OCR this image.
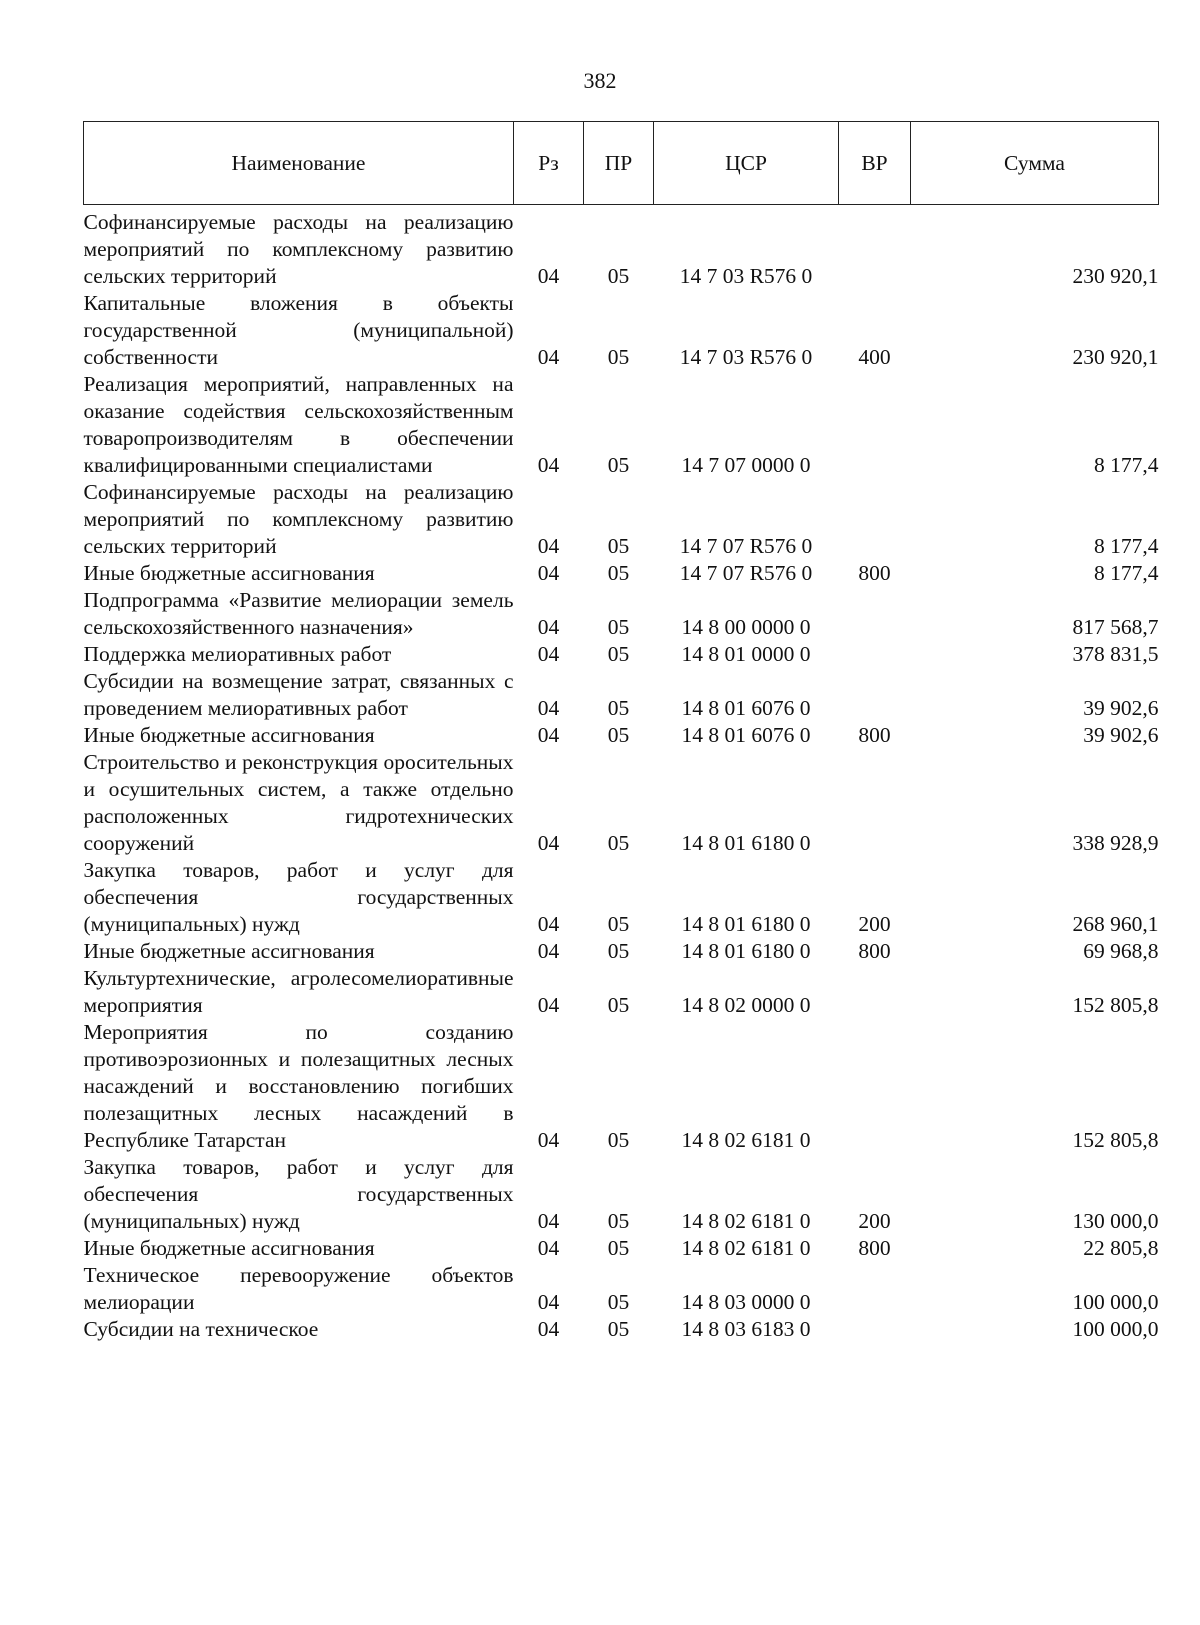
382
Наименование	Рз	ПР	ЦСР	ВР	Сумма
Софинансируемые расходы на реализацию мероприятий по комплексному развитию сельских территорий	04	05	14 7 03 R576 0		230 920,1
Капитальные вложения в объекты государственной (муниципальной) собственности	04	05	14 7 03 R576 0	400	230 920,1
Реализация мероприятий, направленных на оказание содействия сельскохозяйственным товаропроизводителям в обеспечении квалифицированными специалистами	04	05	14 7 07 0000 0		8 177,4
Софинансируемые расходы на реализацию мероприятий по комплексному развитию сельских территорий	04	05	14 7 07 R576 0		8 177,4
Иные бюджетные ассигнования	04	05	14 7 07 R576 0	800	8 177,4
Подпрограмма «Развитие мелиорации земель сельскохозяйственного назначения»	04	05	14 8 00 0000 0		817 568,7
Поддержка мелиоративных работ	04	05	14 8 01 0000 0		378 831,5
Субсидии на возмещение затрат, связанных с проведением мелиоративных работ	04	05	14 8 01 6076 0		39 902,6
Иные бюджетные ассигнования	04	05	14 8 01 6076 0	800	39 902,6
Строительство и реконструкция оросительных и осушительных систем, а также отдельно расположенных гидротехнических сооружений	04	05	14 8 01 6180 0		338 928,9
Закупка товаров, работ и услуг для обеспечения государственных (муниципальных) нужд	04	05	14 8 01 6180 0	200	268 960,1
Иные бюджетные ассигнования	04	05	14 8 01 6180 0	800	69 968,8
Культуртехнические, агролесомелиоративные мероприятия	04	05	14 8 02 0000 0		152 805,8
Мероприятия по созданию противоэрозионных и полезащитных лесных насаждений и восстановлению погибших полезащитных лесных насаждений в Республике Татарстан	04	05	14 8 02 6181 0		152 805,8
Закупка товаров, работ и услуг для обеспечения государственных (муниципальных) нужд	04	05	14 8 02 6181 0	200	130 000,0
Иные бюджетные ассигнования	04	05	14 8 02 6181 0	800	22 805,8
Техническое перевооружение объектов мелиорации	04	05	14 8 03 0000 0		100 000,0
Субсидии на техническое	04	05	14 8 03 6183 0		100 000,0
